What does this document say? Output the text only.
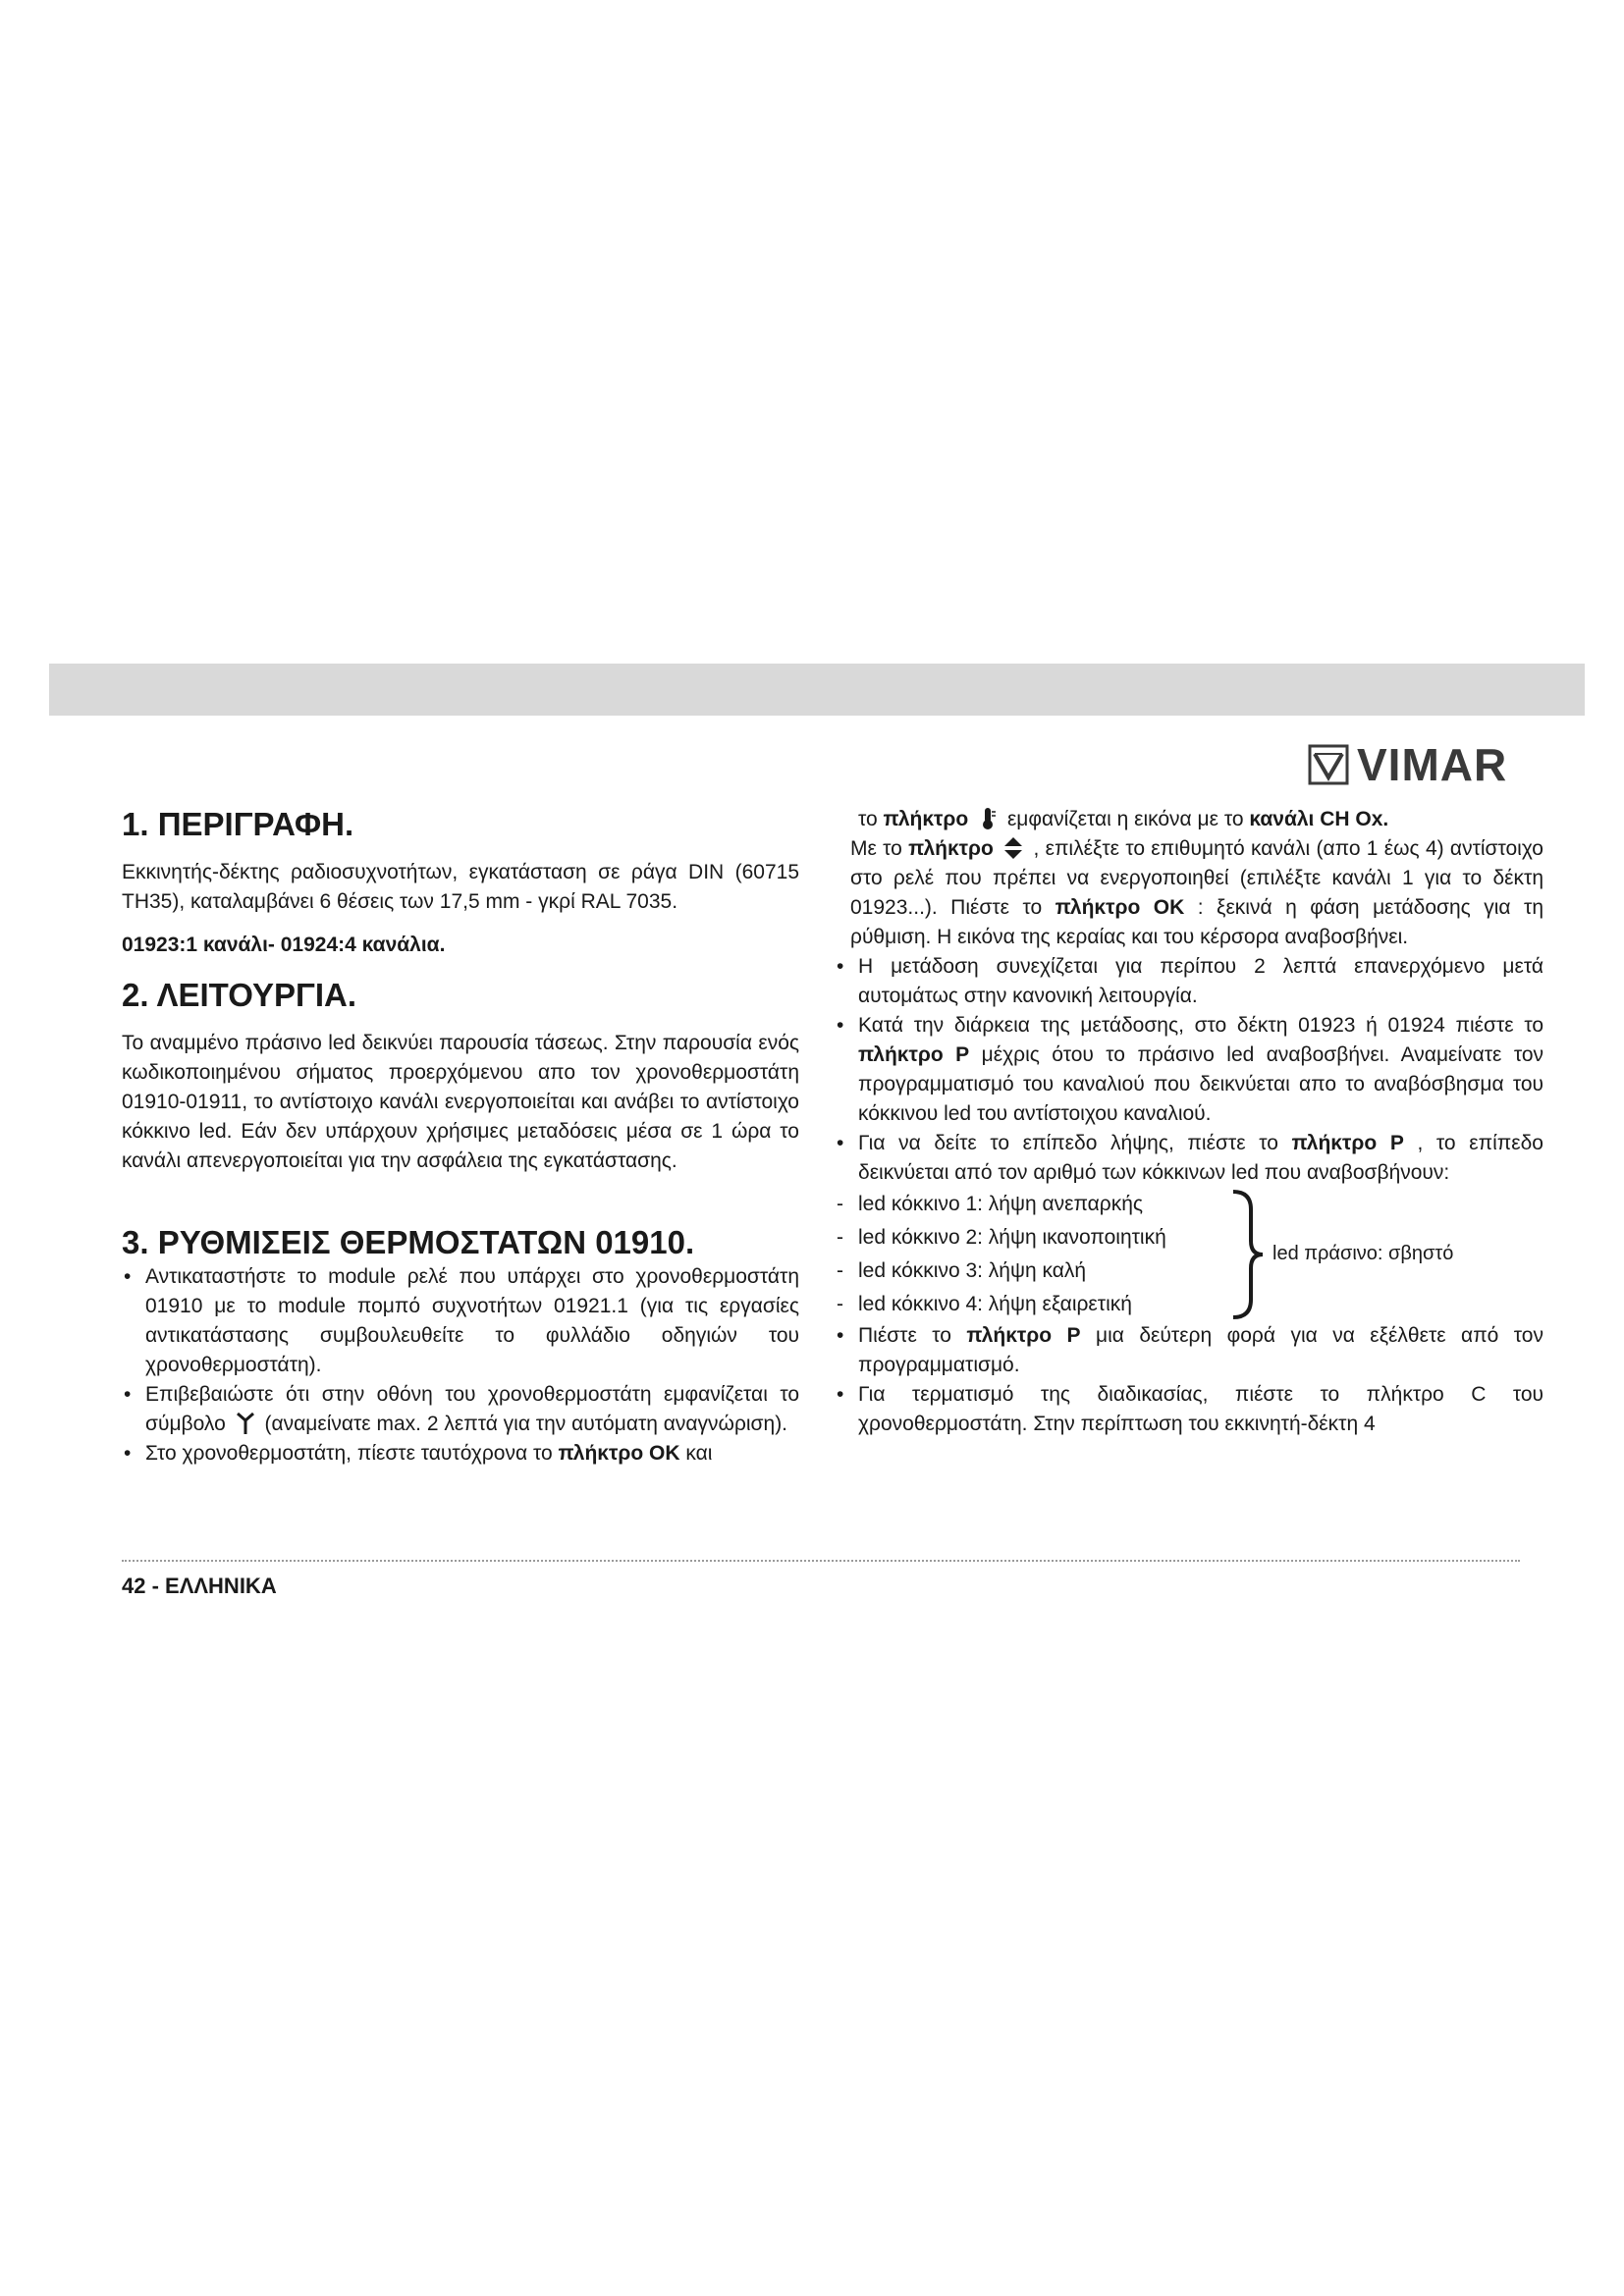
VIMAR
1. ΠΕΡΙΓΡΑΦΗ.
Εκκινητής-δέκτης ραδιοσυχνοτήτων, εγκατάσταση σε ράγα DIN (60715 TH35), καταλαμβάνει 6 θέσεις των 17,5 mm - γκρί RAL 7035.
01923:1 κανάλι- 01924:4 κανάλια.
2. ΛΕΙΤΟΥΡΓΙΑ.
Το αναμμένο πράσινο led δεικνύει παρουσία τάσεως. Στην παρουσία ενός κωδικοποιημένου σήματος προερχόμενου απο τον χρονοθερμοστάτη 01910-01911, το αντίστοιχο κανάλι ενεργοποιείται και ανάβει το αντίστοιχο κόκκινο led. Εάν δεν υπάρχουν χρήσιμες μεταδόσεις μέσα σε 1 ώρα το κανάλι απενεργοποιείται για την ασφάλεια της εγκατάστασης.
3. ΡΥΘΜΙΣΕΙΣ ΘΕΡΜΟΣΤΑΤΩΝ 01910.
• Αντικαταστήστε το module ρελέ που υπάρχει στο χρονοθερμοστάτη 01910 με το module πομπό συχνοτήτων 01921.1 (για τις εργασίες αντικατάστασης συμβουλευθείτε το φυλλάδιο οδηγιών του χρονοθερμοστάτη).
• Επιβεβαιώστε ότι στην οθόνη του χρονοθερμοστάτη εμφανίζεται το σύμβολο (αναμείνατε max. 2 λεπτά για την αυτόματη αναγνώριση).
• Στο χρονοθερμοστάτη, πίεστε ταυτόχρονα το πλήκτρο OK και
το πλήκτρο εμφανίζεται η εικόνα με το κανάλι CH Ox.
Με το πλήκτρο , επιλέξτε το επιθυμητό κανάλι (απο 1 έως 4) αντίστοιχο στο ρελέ που πρέπει να ενεργοποιηθεί (επιλέξτε κανάλι 1 για το δέκτη 01923...). Πιέστε το πλήκτρο OK : ξεκινά η φάση μετάδοσης για τη ρύθμιση. Η εικόνα της κεραίας και του κέρσορα αναβοσβήνει.
• Η μετάδοση συνεχίζεται για περίπου 2 λεπτά επανερχόμενο μετά αυτομάτως στην κανονική λειτουργία.
• Κατά την διάρκεια της μετάδοσης, στο δέκτη 01923 ή 01924 πιέστε το πλήκτρο P μέχρις ότου το πράσινο led αναβοσβήνει. Αναμείνατε τον προγραμματισμό του καναλιού που δεικνύεται απο το αναβόσβησμα του κόκκινου led του αντίστοιχου καναλιού.
• Για να δείτε το επίπεδο λήψης, πιέστε το πλήκτρο P , το επίπεδο δεικνύεται από τον αριθμό των κόκκινων led που αναβοσβήνουν:
- led κόκκινο 1: λήψη ανεπαρκής
- led κόκκινο 2: λήψη ικανοποιητική
- led κόκκινο 3: λήψη καλή
- led κόκκινο 4: λήψη εξαιρετική
led πράσινο: σβηστό
• Πιέστε το πλήκτρο P μια δεύτερη φορά για να εξέλθετε από τον προγραμματισμό.
• Για τερματισμό της διαδικασίας, πιέστε το πλήκτρο C του χρονοθερμοστάτη. Στην περίπτωση του εκκινητή-δέκτη 4
42 - ΕΛΛΗΝΙΚΑ
